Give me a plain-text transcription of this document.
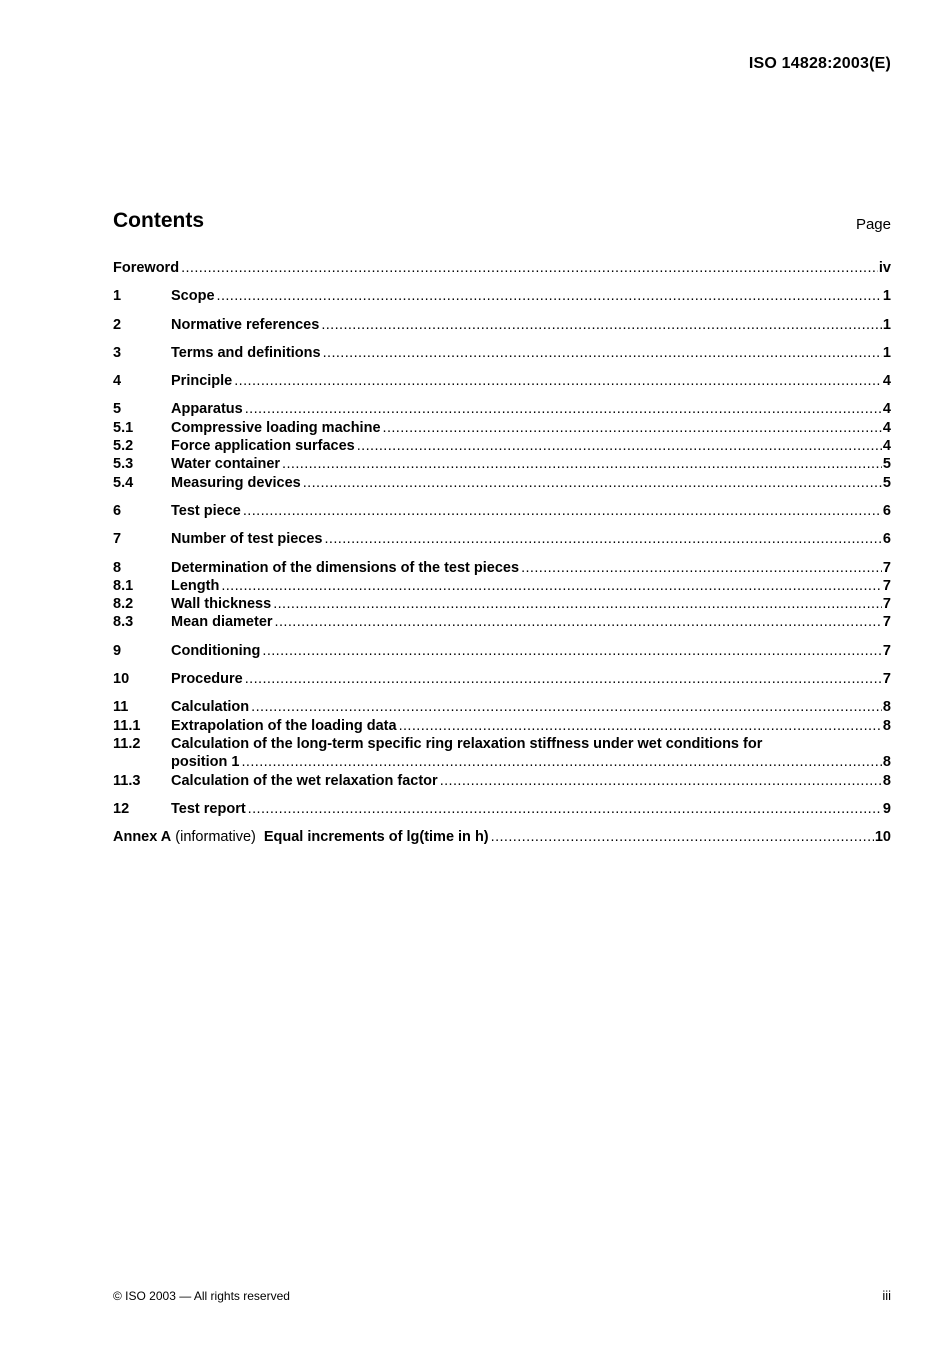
ISO 14828:2003(E)
Contents	Page
Foreword .....	iv
1	Scope .....	1
2	Normative references .....	1
3	Terms and definitions .....	1
4	Principle .....	4
5	Apparatus .....	4
5.1	Compressive loading machine .....	4
5.2	Force application surfaces .....	4
5.3	Water container .....	5
5.4	Measuring devices .....	5
6	Test piece .....	6
7	Number of test pieces .....	6
8	Determination of the dimensions of the test pieces .....	7
8.1	Length .....	7
8.2	Wall thickness .....	7
8.3	Mean diameter .....	7
9	Conditioning .....	7
10	Procedure .....	7
11	Calculation .....	8
11.1	Extrapolation of the loading data .....	8
11.2	Calculation of the long-term specific ring relaxation stiffness under wet conditions for
position 1 .....	8
11.3	Calculation of the wet relaxation factor .....	8
12	Test report .....	9
Annex A (informative) Equal increments of lg(time in h) .....	10
© ISO 2003 — All rights reserved	iii
